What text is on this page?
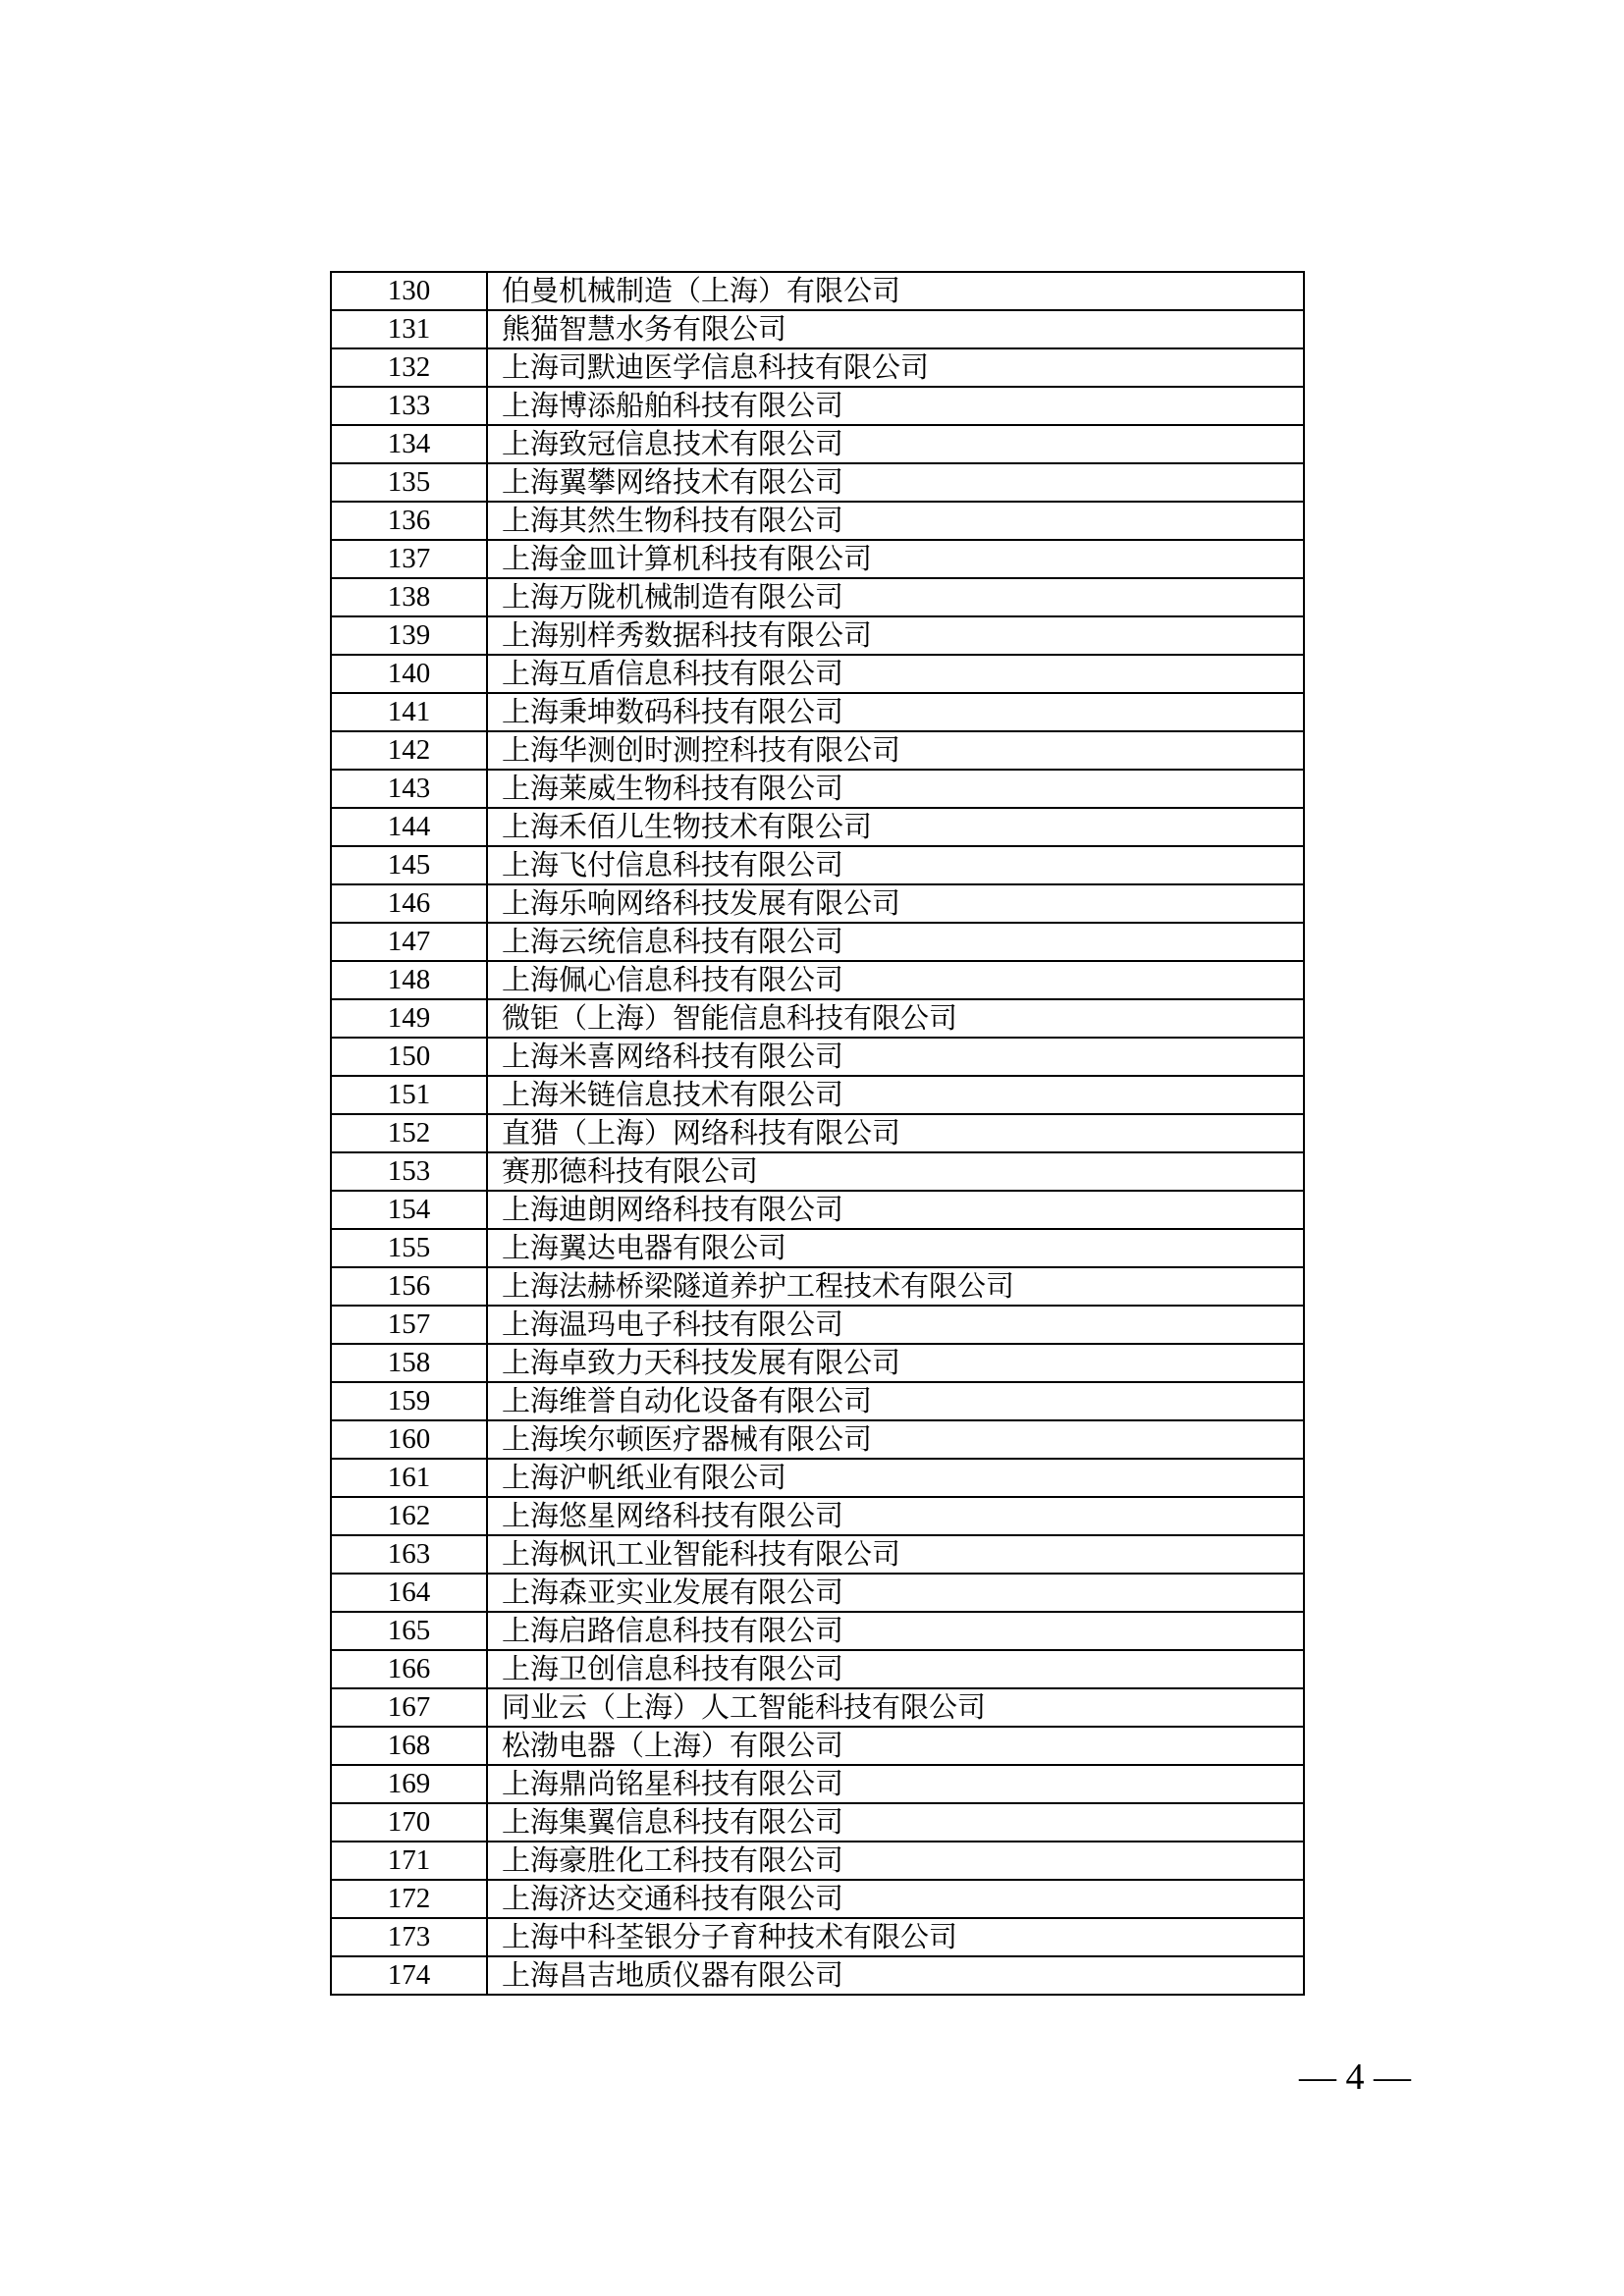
130	伯曼机械制造（上海）有限公司
131	熊猫智慧水务有限公司
132	上海司默迪医学信息科技有限公司
133	上海博添船舶科技有限公司
134	上海致冠信息技术有限公司
135	上海翼攀网络技术有限公司
136	上海其然生物科技有限公司
137	上海金皿计算机科技有限公司
138	上海万陇机械制造有限公司
139	上海别样秀数据科技有限公司
140	上海互盾信息科技有限公司
141	上海秉坤数码科技有限公司
142	上海华测创时测控科技有限公司
143	上海莱威生物科技有限公司
144	上海禾佰儿生物技术有限公司
145	上海飞付信息科技有限公司
146	上海乐响网络科技发展有限公司
147	上海云统信息科技有限公司
148	上海佩心信息科技有限公司
149	微钜（上海）智能信息科技有限公司
150	上海米喜网络科技有限公司
151	上海米链信息技术有限公司
152	直猎（上海）网络科技有限公司
153	赛那德科技有限公司
154	上海迪朗网络科技有限公司
155	上海翼达电器有限公司
156	上海法赫桥梁隧道养护工程技术有限公司
157	上海温玛电子科技有限公司
158	上海卓致力天科技发展有限公司
159	上海维誉自动化设备有限公司
160	上海埃尔顿医疗器械有限公司
161	上海沪帆纸业有限公司
162	上海悠星网络科技有限公司
163	上海枫讯工业智能科技有限公司
164	上海森亚实业发展有限公司
165	上海启路信息科技有限公司
166	上海卫创信息科技有限公司
167	同业云（上海）人工智能科技有限公司
168	松渤电器（上海）有限公司
169	上海鼎尚铭星科技有限公司
170	上海集翼信息科技有限公司
171	上海豪胜化工科技有限公司
172	上海济达交通科技有限公司
173	上海中科荃银分子育种技术有限公司
174	上海昌吉地质仪器有限公司
— 4 —
